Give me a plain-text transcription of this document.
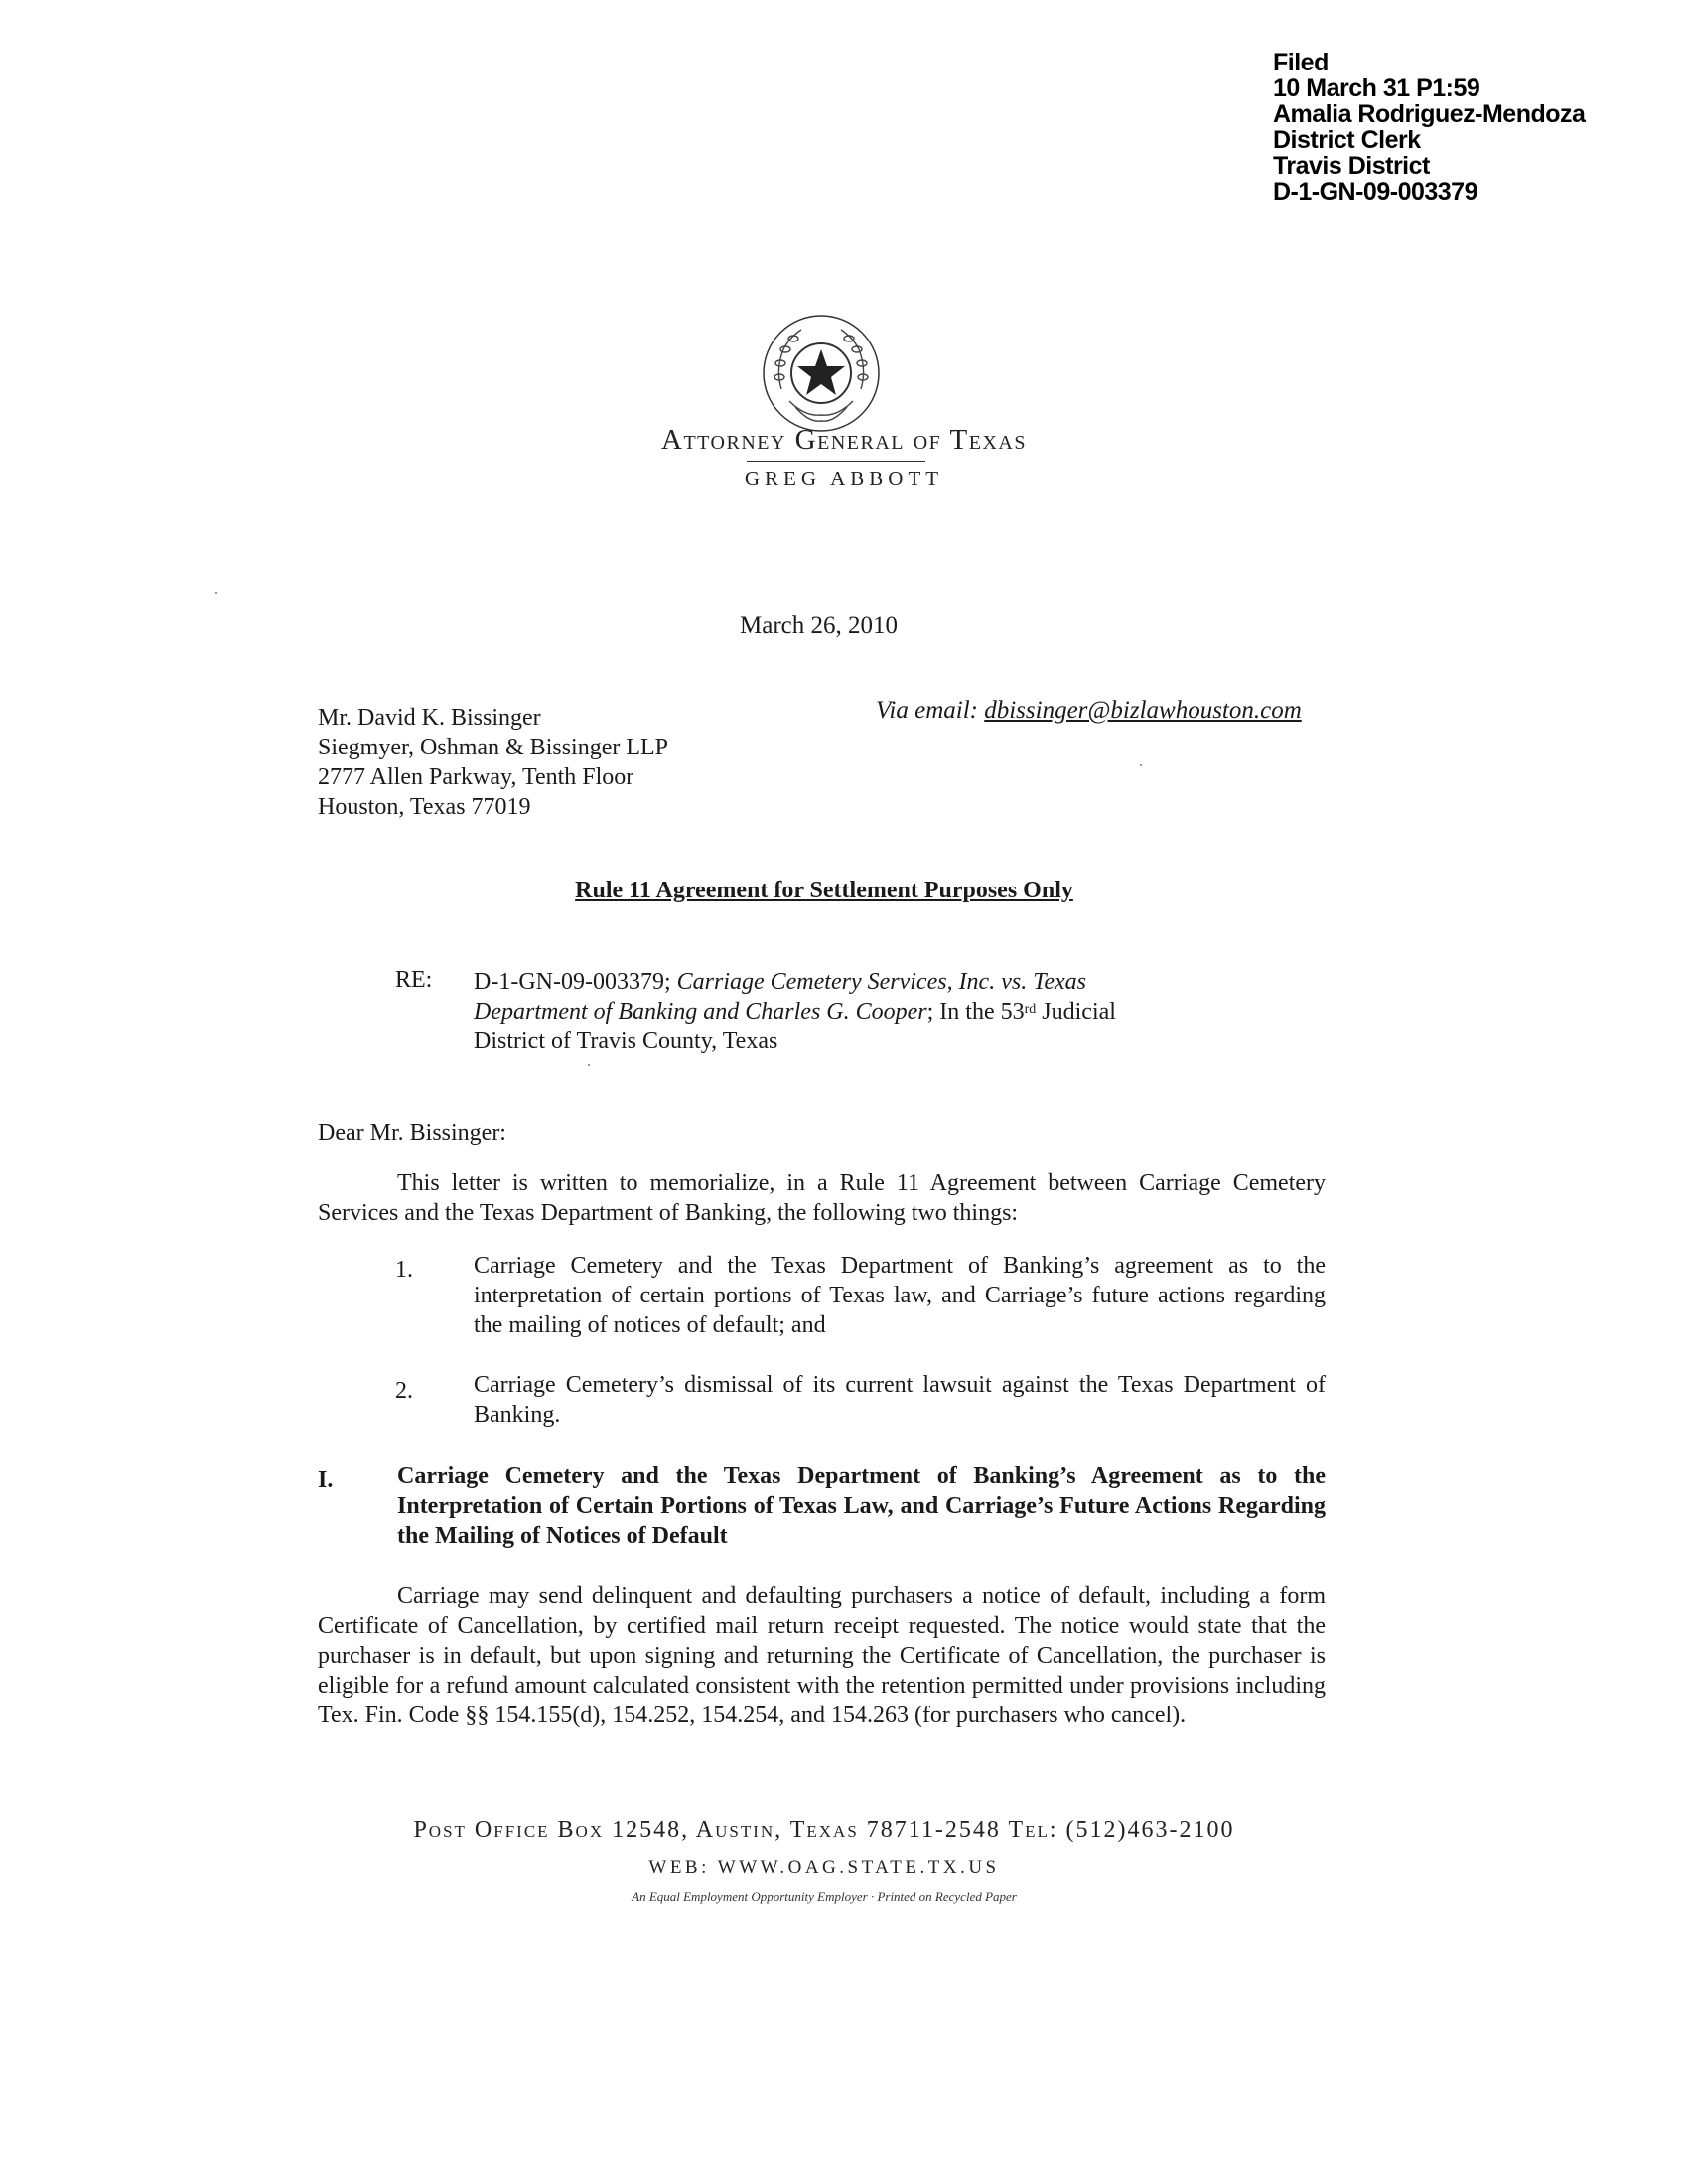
Filed
10 March 31 P1:59
Amalia Rodriguez-Mendoza
District Clerk
Travis District
D-1-GN-09-003379
Attorney General of Texas
GREG ABBOTT
March 26, 2010
Mr. David K. Bissinger
Siegmyer, Oshman & Bissinger LLP
2777 Allen Parkway, Tenth Floor
Houston, Texas 77019
Via email: dbissinger@bizlawhouston.com
Rule 11 Agreement for Settlement Purposes Only
RE: D-1-GN-09-003379; Carriage Cemetery Services, Inc. vs. Texas Department of Banking and Charles G. Cooper; In the 53rd Judicial District of Travis County, Texas
Dear Mr. Bissinger:
This letter is written to memorialize, in a Rule 11 Agreement between Carriage Cemetery Services and the Texas Department of Banking, the following two things:
1.	Carriage Cemetery and the Texas Department of Banking’s agreement as to the interpretation of certain portions of Texas law, and Carriage’s future actions regarding the mailing of notices of default; and
2.	Carriage Cemetery’s dismissal of its current lawsuit against the Texas Department of Banking.
I.	Carriage Cemetery and the Texas Department of Banking’s Agreement as to the Interpretation of Certain Portions of Texas Law, and Carriage’s Future Actions Regarding the Mailing of Notices of Default
Carriage may send delinquent and defaulting purchasers a notice of default, including a form Certificate of Cancellation, by certified mail return receipt requested. The notice would state that the purchaser is in default, but upon signing and returning the Certificate of Cancellation, the purchaser is eligible for a refund amount calculated consistent with the retention permitted under provisions including Tex. Fin. Code §§ 154.155(d), 154.252, 154.254, and 154.263 (for purchasers who cancel).
Post Office Box 12548, Austin, Texas 78711-2548 Tel: (512)463-2100
WEB: WWW.OAG.STATE.TX.US
An Equal Employment Opportunity Employer · Printed on Recycled Paper
